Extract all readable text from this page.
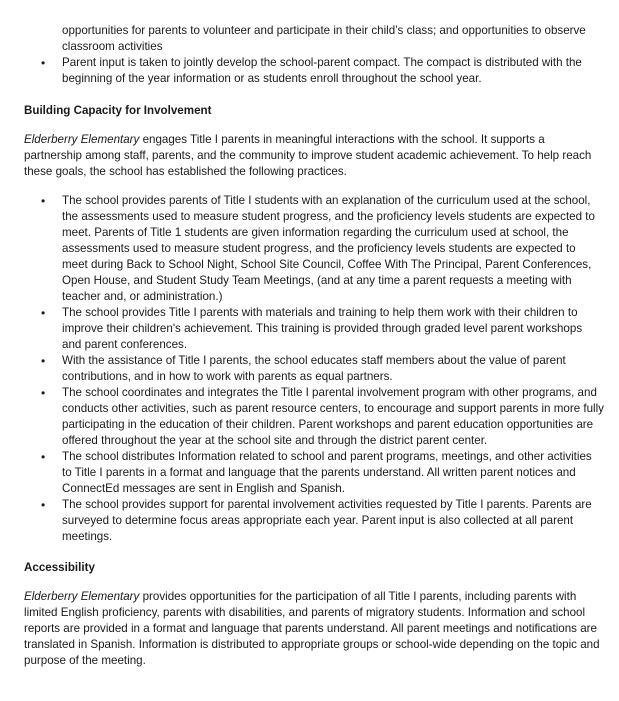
opportunities for parents to volunteer and participate in their child’s class; and opportunities to observe classroom activities
• Parent input is taken to jointly develop the school-parent compact. The compact is distributed with the beginning of the year information or as students enroll throughout the school year.
Building Capacity for Involvement

Elderberry Elementary engages Title I parents in meaningful interactions with the school. It supports a partnership among staff, parents, and the community to improve student academic achievement. To help reach these goals, the school has established the following practices.

• The school provides parents of Title I students with an explanation of the curriculum used at the school, the assessments used to measure student progress, and the proficiency levels students are expected to meet. Parents of Title 1 students are given information regarding the curriculum used at school, the assessments used to measure student progress, and the proficiency levels students are expected to meet during Back to School Night, School Site Council, Coffee With The Principal, Parent Conferences, Open House, and Student Study Team Meetings, (and at any time a parent requests a meeting with teacher and, or administration.)
• The school provides Title I parents with materials and training to help them work with their children to improve their children's achievement. This training is provided through graded level parent workshops and parent conferences.
• With the assistance of Title I parents, the school educates staff members about the value of parent contributions, and in how to work with parents as equal partners.
• The school coordinates and integrates the Title I parental involvement program with other programs, and conducts other activities, such as parent resource centers, to encourage and support parents in more fully participating in the education of their children. Parent workshops and parent education opportunities are offered throughout the year at the school site and through the district parent center.
• The school distributes Information related to school and parent programs, meetings, and other activities to Title I parents in a format and language that the parents understand. All written parent notices and ConnectEd messages are sent in English and Spanish.
• The school provides support for parental involvement activities requested by Title I parents. Parents are surveyed to determine focus areas appropriate each year. Parent input is also collected at all parent meetings.
Accessibility

Elderberry Elementary provides opportunities for the participation of all Title I parents, including parents with limited English proficiency, parents with disabilities, and parents of migratory students. Information and school reports are provided in a format and language that parents understand. All parent meetings and notifications are translated in Spanish. Information is distributed to appropriate groups or school-wide depending on the topic and purpose of the meeting.
